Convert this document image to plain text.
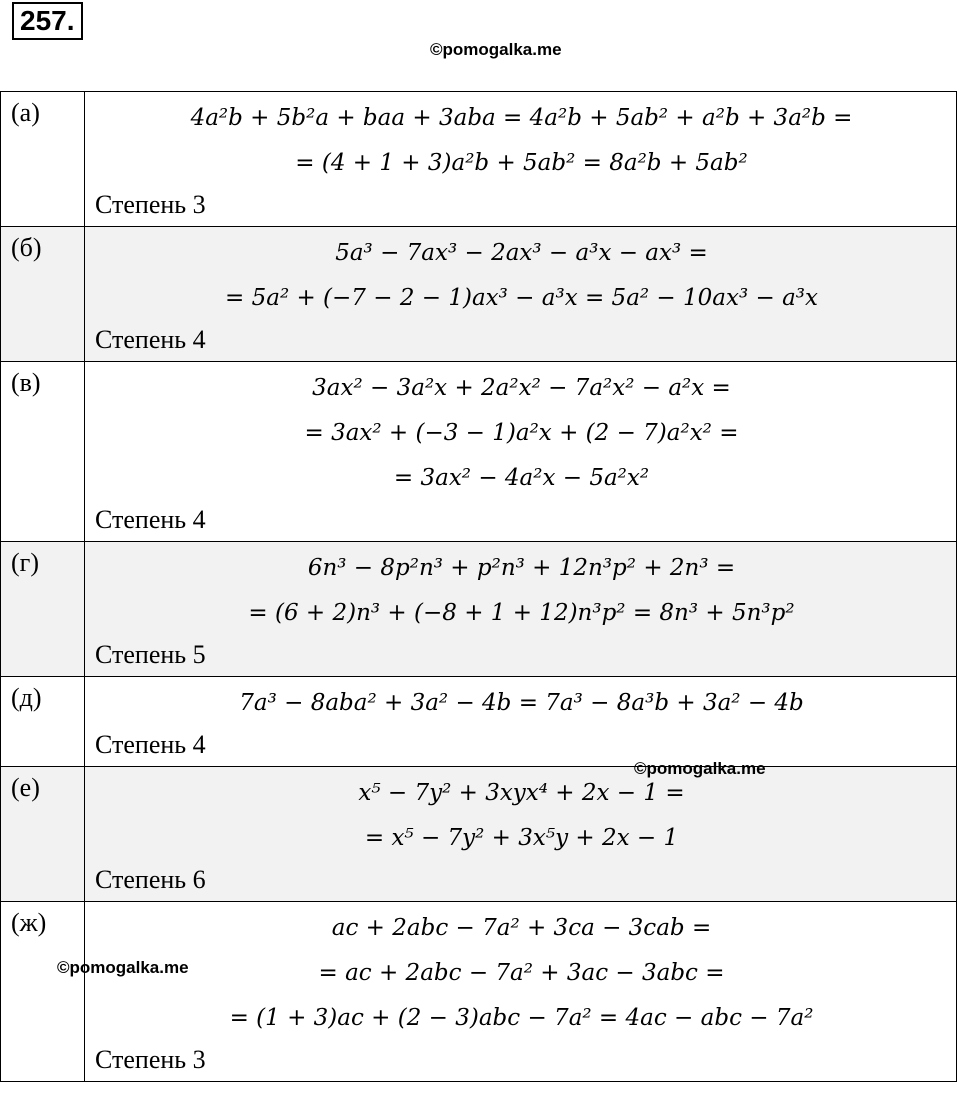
257.
©pomogalka.me
(а)	4a²b + 5b²a + baa + 3aba = 4a²b + 5ab² + a²b + 3a²b =
= (4 + 1 + 3)a²b + 5ab² = 8a²b + 5ab²
Степень 3

(б)	5a³ − 7ax³ − 2ax³ − a³x − ax³ =
= 5a² + (−7 − 2 − 1)ax³ − a³x = 5a² − 10ax³ − a³x
Степень 4

(в)	3ax² − 3a²x + 2a²x² − 7a²x² − a²x =
= 3ax² + (−3 − 1)a²x + (2 − 7)a²x² =
= 3ax² − 4a²x − 5a²x²
Степень 4

(г)	6n³ − 8p²n³ + p²n³ + 12n³p² + 2n³ =
= (6 + 2)n³ + (−8 + 1 + 12)n³p² = 8n³ + 5n³p²
Степень 5

(д)	7a³ − 8aba² + 3a² − 4b = 7a³ − 8a³b + 3a² − 4b
Степень 4

(е)	x⁵ − 7y² + 3xyx⁴ + 2x − 1 =
= x⁵ − 7y² + 3x⁵y + 2x − 1
Степень 6

(ж)	ac + 2abc − 7a² + 3ca − 3cab =
= ac + 2abc − 7a² + 3ac − 3abc =
= (1 + 3)ac + (2 − 3)abc − 7a² = 4ac − abc − 7a²
Степень 3
©pomogalka.me
©pomogalka.me
